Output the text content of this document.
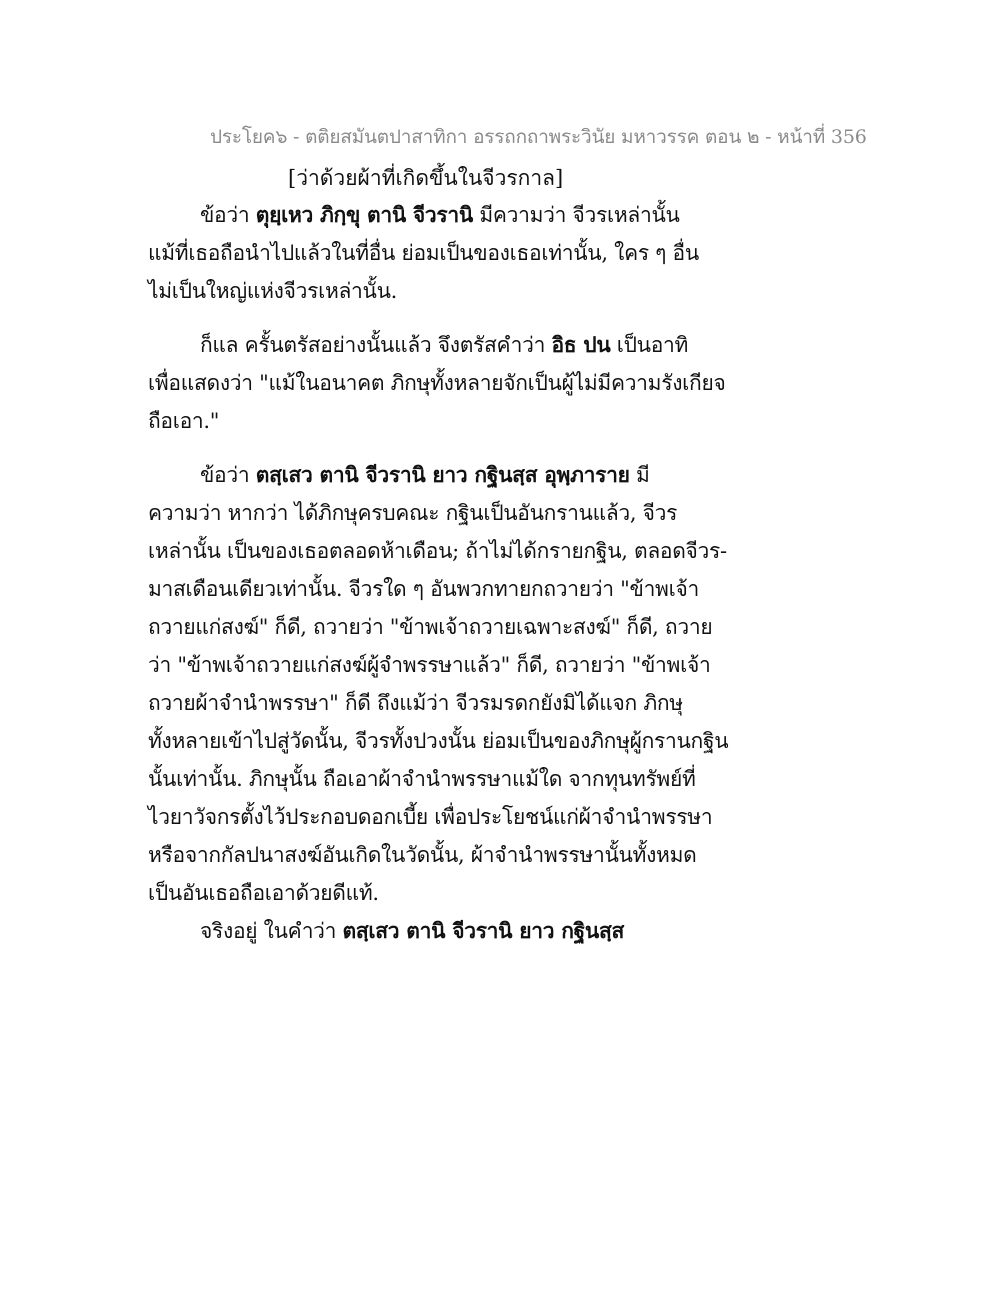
ประโยค๖ - ตติยสมันตปาสาทิกา อรรถกถาพระวินัย มหาวรรค ตอน ๒ - หน้าที่ 356
[ว่าด้วยผ้าที่เกิดขึ้นในจีวรกาล]
ข้อว่า ตุยฺเหว ภิกฺขุ ตานิ จีวรานิ มีความว่า จีวรเหล่านั้น
แม้ที่เธอถือนำไปแล้วในที่อื่น ย่อมเป็นของเธอเท่านั้น, ใคร ๆ อื่น
ไม่เป็นใหญ่แห่งจีวรเหล่านั้น.
ก็แล ครั้นตรัสอย่างนั้นแล้ว จึงตรัสคำว่า อิธ ปน เป็นอาทิ
เพื่อแสดงว่า "แม้ในอนาคต ภิกษุทั้งหลายจักเป็นผู้ไม่มีความรังเกียจ
ถือเอา."
ข้อว่า ตสฺเสว ตานิ จีวรานิ ยาว กฐินสฺส อุพฺภาราย มี
ความว่า หากว่า ได้ภิกษุครบคณะ กฐินเป็นอันกรานแล้ว, จีวร
เหล่านั้น เป็นของเธอตลอดห้าเดือน; ถ้าไม่ได้กรายกฐิน, ตลอดจีวร-
มาสเดือนเดียวเท่านั้น. จีวรใด ๆ อันพวกทายกถวายว่า "ข้าพเจ้า
ถวายแก่สงฆ์" ก็ดี, ถวายว่า "ข้าพเจ้าถวายเฉพาะสงฆ์" ก็ดี, ถวาย
ว่า "ข้าพเจ้าถวายแก่สงฆ์ผู้จำพรรษาแล้ว" ก็ดี, ถวายว่า "ข้าพเจ้า
ถวายผ้าจำนำพรรษา" ก็ดี ถึงแม้ว่า จีวรมรดกยังมิได้แจก ภิกษุ
ทั้งหลายเข้าไปสู่วัดนั้น, จีวรทั้งปวงนั้น ย่อมเป็นของภิกษุผู้กรานกฐิน
นั้นเท่านั้น. ภิกษุนั้น ถือเอาผ้าจำนำพรรษาแม้ใด จากทุนทรัพย์ที่
ไวยาวัจกรตั้งไว้ประกอบดอกเบี้ย เพื่อประโยชน์แก่ผ้าจำนำพรรษา
หรือจากกัลปนาสงฆ์อันเกิดในวัดนั้น, ผ้าจำนำพรรษานั้นทั้งหมด
เป็นอันเธอถือเอาด้วยดีแท้.
จริงอยู่ ในคำว่า ตสฺเสว ตานิ จีวรานิ ยาว กฐินสฺส
